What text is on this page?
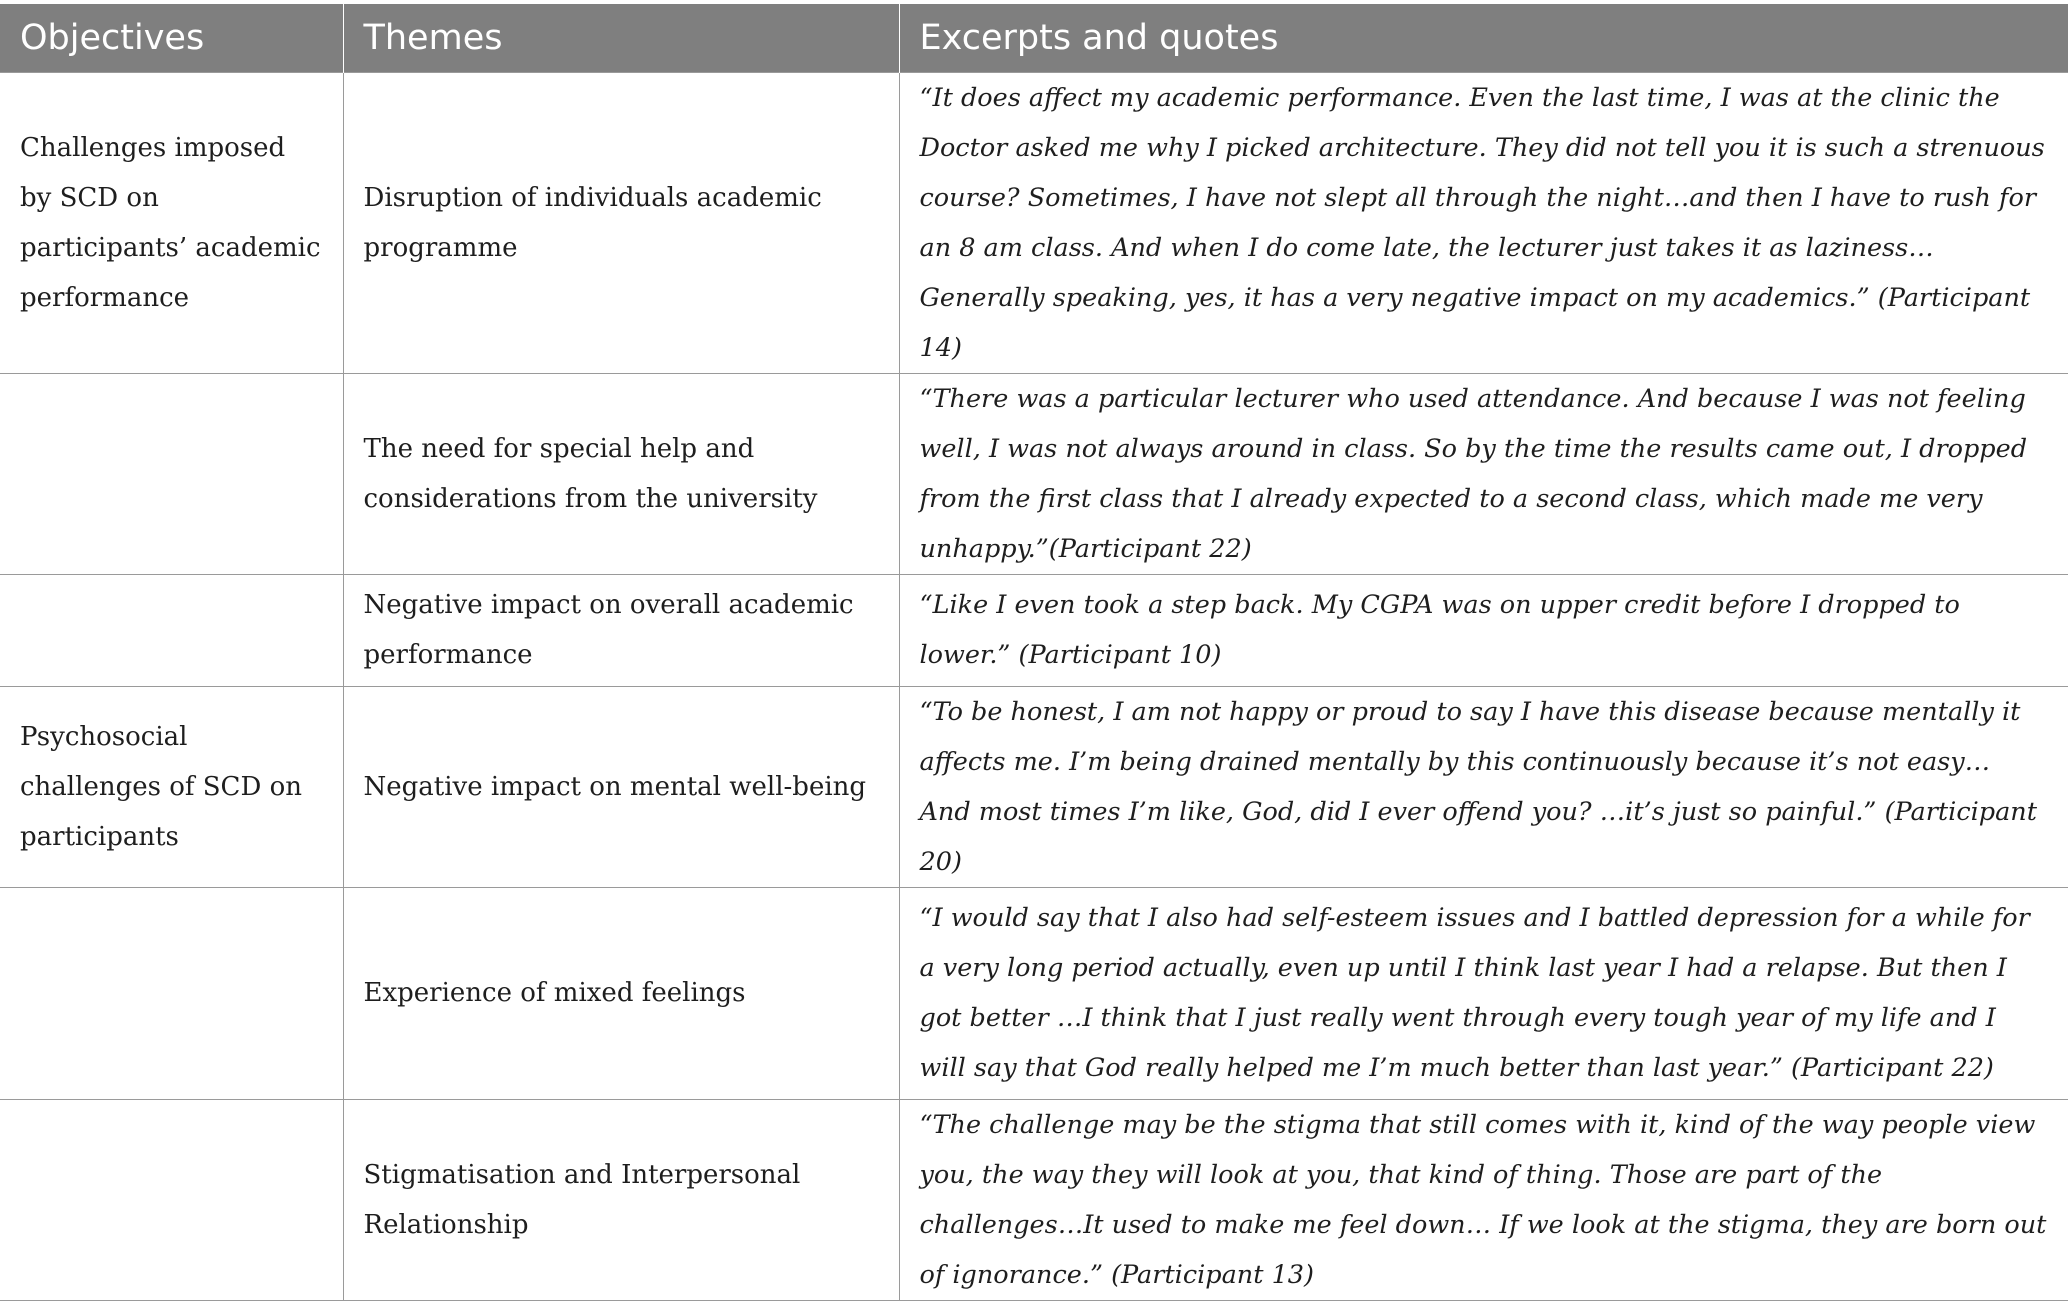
Objectives	Themes	Excerpts and quotes
Challenges imposed by SCD on participants’ academic performance	Disruption of individuals academic programme	“It does affect my academic performance. Even the last time, I was at the clinic the Doctor asked me why I picked architecture. They did not tell you it is such a strenuous course? Sometimes, I have not slept all through the night…and then I have to rush for an 8 am class. And when I do come late, the lecturer just takes it as laziness…Generally speaking, yes, it has a very negative impact on my academics.” (Participant 14)
	The need for special help and considerations from the university	“There was a particular lecturer who used attendance. And because I was not feeling well, I was not always around in class. So by the time the results came out, I dropped from the first class that I already expected to a second class, which made me very unhappy.”(Participant 22)
	Negative impact on overall academic performance	“Like I even took a step back. My CGPA was on upper credit before I dropped to lower.” (Participant 10)
Psychosocial challenges of SCD on participants	Negative impact on mental well-being	“To be honest, I am not happy or proud to say I have this disease because mentally it affects me. I’m being drained mentally by this continuously because it’s not easy… And most times I’m like, God, did I ever offend you? …it’s just so painful.” (Participant 20)
	Experience of mixed feelings	“I would say that I also had self-esteem issues and I battled depression for a while for a very long period actually, even up until I think last year I had a relapse. But then I got better …I think that I just really went through every tough year of my life and I will say that God really helped me I’m much better than last year.” (Participant 22)
	Stigmatisation and Interpersonal Relationship	“The challenge may be the stigma that still comes with it, kind of the way people view you, the way they will look at you, that kind of thing. Those are part of the challenges…It used to make me feel down… If we look at the stigma, they are born out of ignorance.” (Participant 13)
